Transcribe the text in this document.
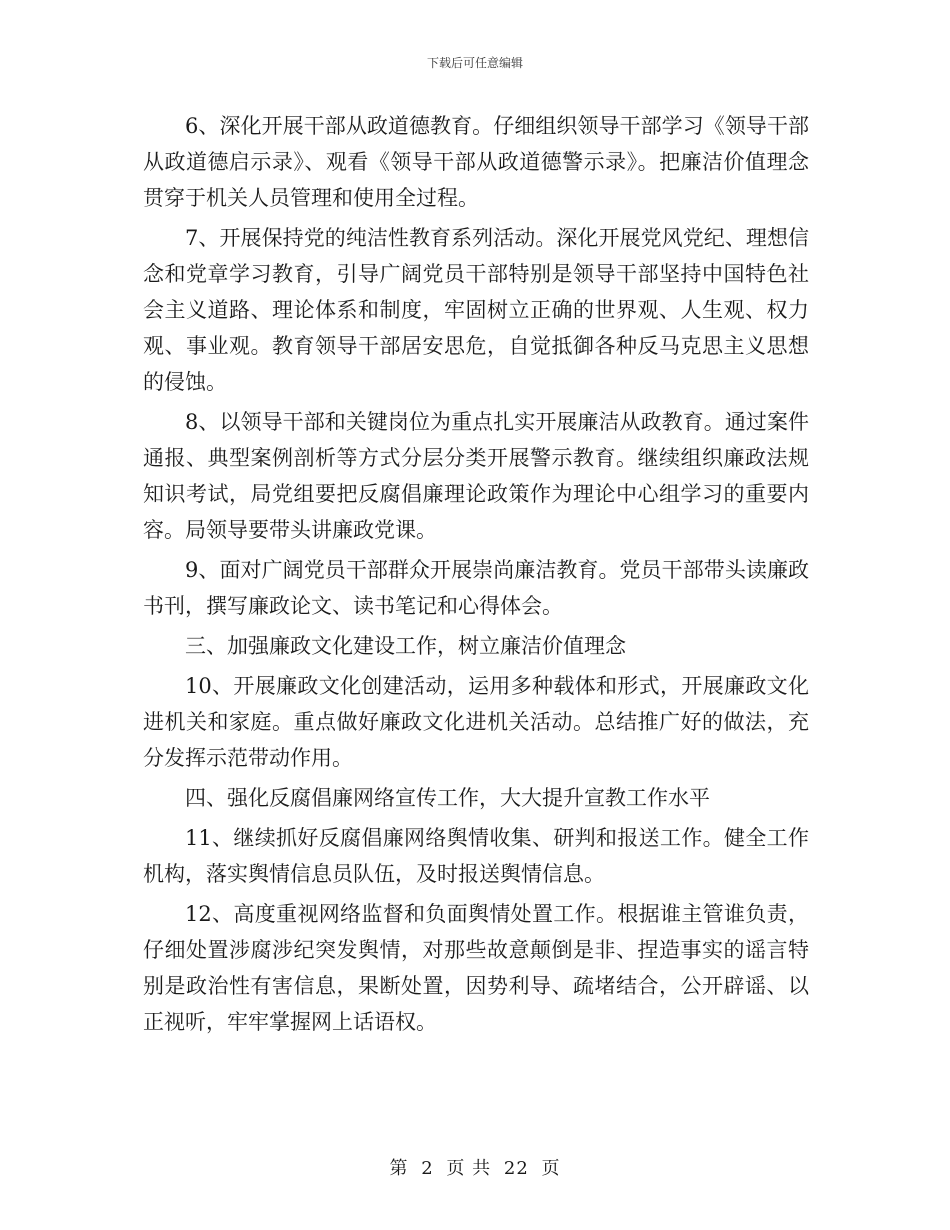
下载后可任意编辑

6、深化开展干部从政道德教育。仔细组织领导干部学习《领导干部从政道德启示录》、观看《领导干部从政道德警示录》。把廉洁价值理念贯穿于机关人员管理和使用全过程。

7、开展保持党的纯洁性教育系列活动。深化开展党风党纪、理想信念和党章学习教育，引导广阔党员干部特别是领导干部坚持中国特色社会主义道路、理论体系和制度，牢固树立正确的世界观、人生观、权力观、事业观。教育领导干部居安思危，自觉抵御各种反马克思主义思想的侵蚀。

8、以领导干部和关键岗位为重点扎实开展廉洁从政教育。通过案件通报、典型案例剖析等方式分层分类开展警示教育。继续组织廉政法规知识考试，局党组要把反腐倡廉理论政策作为理论中心组学习的重要内容。局领导要带头讲廉政党课。

9、面对广阔党员干部群众开展崇尚廉洁教育。党员干部带头读廉政书刊，撰写廉政论文、读书笔记和心得体会。

三、加强廉政文化建设工作，树立廉洁价值理念

10、开展廉政文化创建活动，运用多种载体和形式，开展廉政文化进机关和家庭。重点做好廉政文化进机关活动。总结推广好的做法，充分发挥示范带动作用。

四、强化反腐倡廉网络宣传工作，大大提升宣教工作水平

11、继续抓好反腐倡廉网络舆情收集、研判和报送工作。健全工作机构，落实舆情信息员队伍，及时报送舆情信息。

12、高度重视网络监督和负面舆情处置工作。根据谁主管谁负责，仔细处置涉腐涉纪突发舆情，对那些故意颠倒是非、捏造事实的谣言特别是政治性有害信息，果断处置，因势利导、疏堵结合，公开辟谣、以正视听，牢牢掌握网上话语权。

第 2 页 共 22 页
